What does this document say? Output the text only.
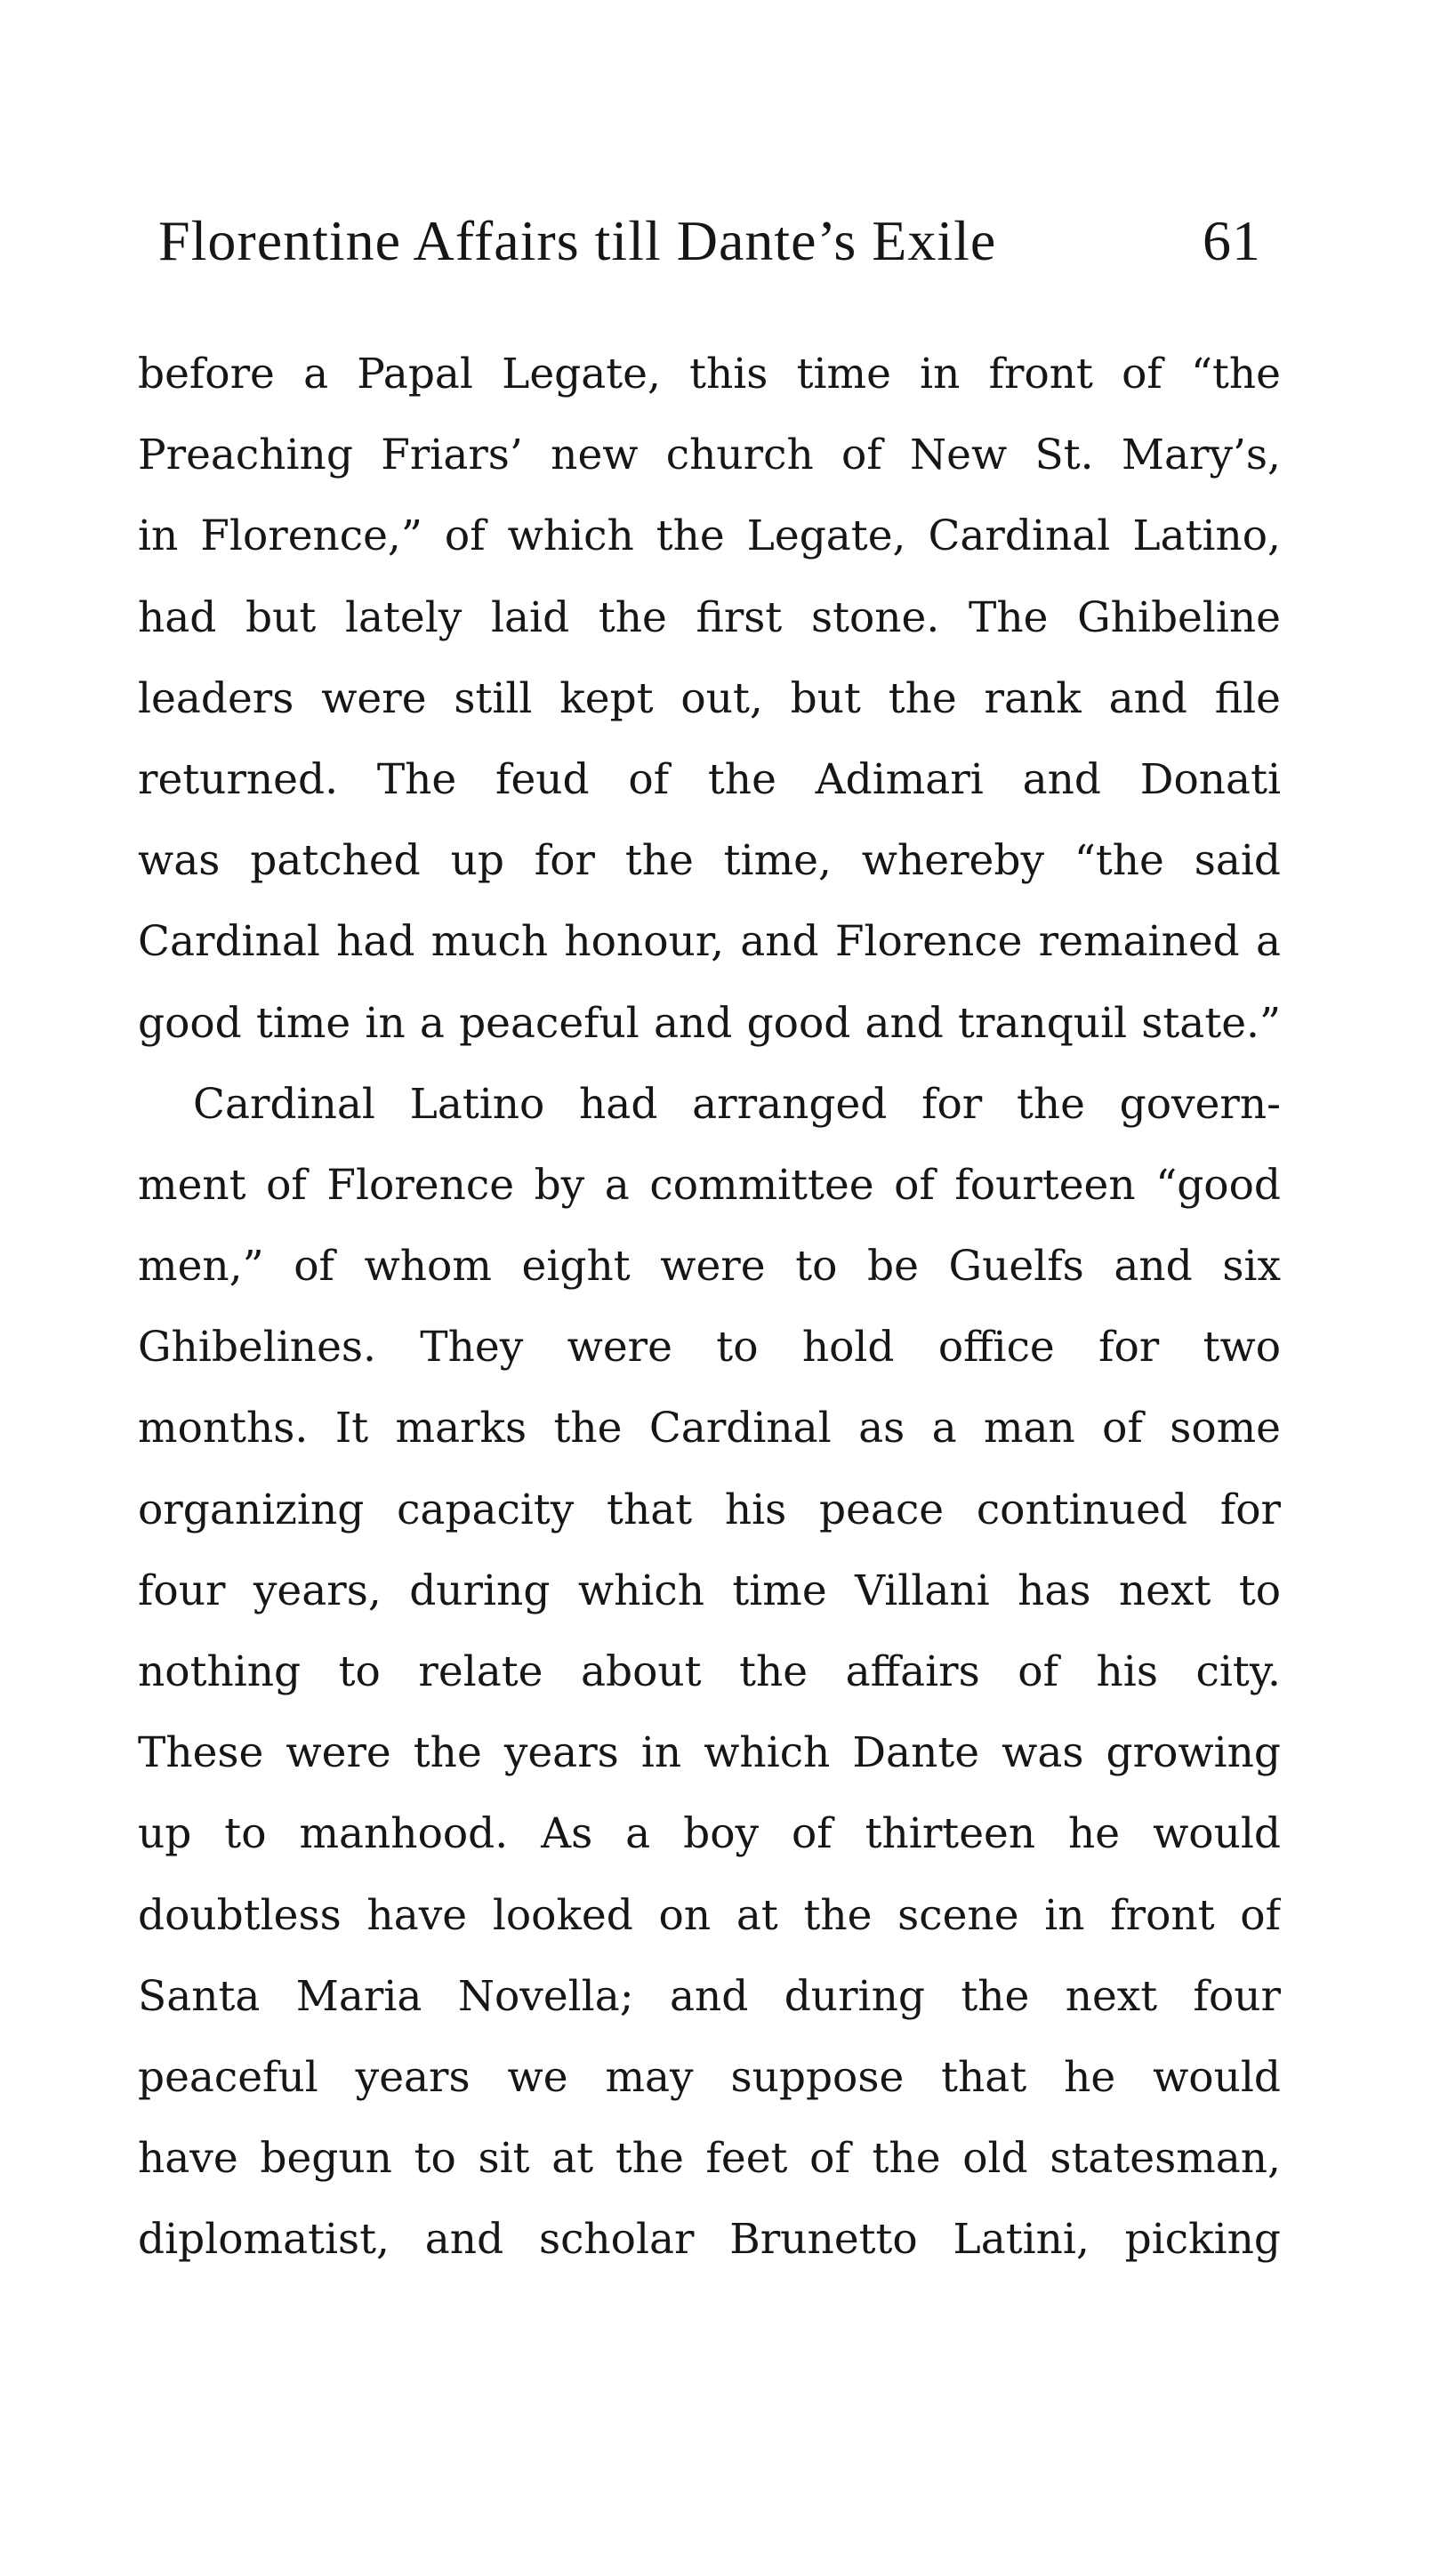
Florentine Affairs till Dante’s Exile	61
before a Papal Legate, this time in front of “the
Preaching Friars’ new church of New St. Mary’s,
in Florence,” of which the Legate, Cardinal Latino,
had but lately laid the first stone. The Ghibeline
leaders were still kept out, but the rank and file
returned. The feud of the Adimari and Donati
was patched up for the time, whereby “the said
Cardinal had much honour, and Florence remained a
good time in a peaceful and good and tranquil state.”
Cardinal Latino had arranged for the govern-
ment of Florence by a committee of fourteen “good
men,” of whom eight were to be Guelfs and six
Ghibelines. They were to hold office for two
months. It marks the Cardinal as a man of some
organizing capacity that his peace continued for
four years, during which time Villani has next to
nothing to relate about the affairs of his city.
These were the years in which Dante was growing
up to manhood. As a boy of thirteen he would
doubtless have looked on at the scene in front of
Santa Maria Novella; and during the next four
peaceful years we may suppose that he would
have begun to sit at the feet of the old statesman,
diplomatist, and scholar Brunetto Latini, picking
